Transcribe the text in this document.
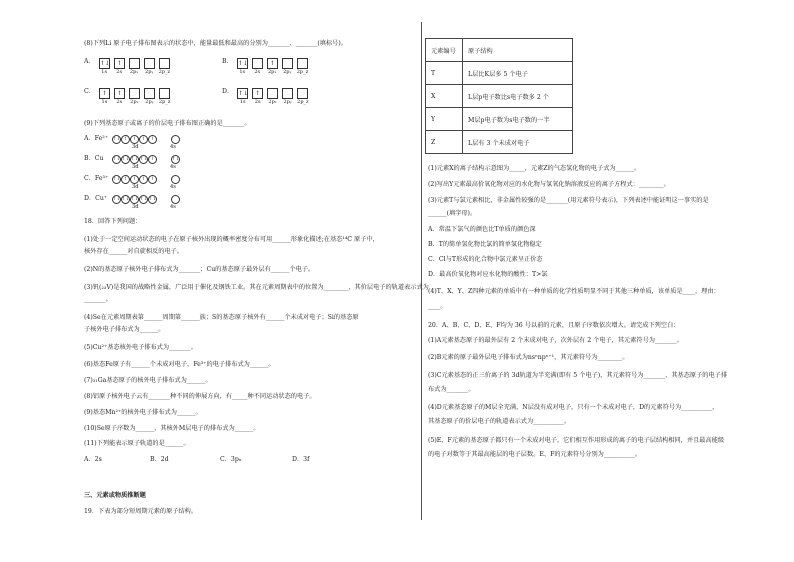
(8)下列Li 原子电子排布图表示的状态中，能量最低和最高的分别为_______、_______(填标号)。
A． ↑↓
1s
↑
2s	2pₓ 2pᵧ 2p_z
B． ↑↓
1s	2s
↑
2pₓ 2pᵧ 2p_z
C．	↑
1s
↑
2s	2pₓ 2pᵧ 2p_z
D． ↑↓
1s
↑
2s	2pₓ 2pᵧ 2p_z
(9)下列基态原子或离子的价层电子排布图正确的是_______。
A．Fe²⁺	↑↓ ↑	↑	↑	↑
3d	4s
B．Cu	↑↓ ↑↓ ↑↓ ↑↓ ↑	↑↓
3d	4s
C．Fe³⁺	↑↓ ↑	↑	↑	↑
3d	4s
D．Cu⁺	↑↓ ↑↓ ↑↓ ↑↓ ↑↓
3d	4s
18．回答下列问题：
(1)处于一定空间运动状态的电子在原子核外出现的概率密度分布可用______形象化描述;在基态¹⁴C 原子中，
核外存在______对自旋相反的电子。
(2)N的基态原子核外电子排布式为_______；Cu的基态原子最外层有______个电子。
(3)钒(₂₃V)是我国的战略性金属，广泛用于催化及钢铁工业。其在元素周期表中的位置为________，其价层电子的轨道表示式为
_______。
(4)Se在元素周期表第______周期第______族；S的基态原子核外有______个未成对电子；Si的基态原
子核外电子排布式为______。
(5)Cu²⁺基态核外电子排布式为_______。
(6)基态Fe原子有______个未成对电子，Fe³⁺的电子排布式为______。
(7)₃₁Ga基态原子的核外电子排布式为______。
(8)铝原子核外电子云有_______种不同的伸展方向，有_____种不同运动状态的电子。
(9)基态Mn²⁺的核外电子排布式为______。
(10)Se原子序数为______，其核外M层电子的排布式为______。
(11)下列能表示原子轨道的是______。
A．2s	B．2d	C．3pₓ	D．3f
三、元素或物质推断题
19．下表为部分短周期元素的原子结构。
元素编号	原子结构
T	L层比K层多 5 个电子
X	L层p电子数比s电子数多 2 个
Y	M层p电子数为s电子数的一半
Z	L层有 3 个未成对电子
(1)元素X的离子结构示意图为_____，元素Z的气态氢化物的电子式为______。
(2)写出Y元素最高价氧化物对应的水化物与氢氧化钠溶液反应的离子方程式：________。
(3)元素T与氯元素相比，非金属性较强的是_______(用元素符号表示)，下列表述中能证明这一事实的是
______(填字母)。
A．常温下氯气的颜色比T单质的颜色深
B．T的简单氢化物比氯的简单氢化物稳定
C．Cl与T形成的化合物中氯元素呈正价态
D．最高价氧化物对应水化物的酸性：T>氯
(4)T、X、Y、Z四种元素的单质中有一种单质的化学性质明显不同于其他三种单质，该单质是____，理由：
____。
20．A、B、C、D、E、F均为 36 号以前的元素，且原子序数依次增大。请完成下列空白：
(1)A元素基态原子的最外层有 2 个未成对电子，次外层有 2 个电子，其元素符号为_______。
(2)B元素的原子最外层电子排布式为nsⁿnpⁿ⁺¹，其元素符号为________。
(3)C元素基态的正三价离子的 3d轨道为半充满(即有 5 个电子)，其元素符号为_______，其基态原子的电子排
布式为_______。
(4)D元素基态原子的M层全充满，N层没有成对电子，只有一个未成对电子，D的元素符号为__________，
其基态原子的价层电子的轨道表示式为__________。
(5)E、F元素的基态原子都只有一个未成对电子，它们相互作用形成的离子的电子层结构相同，并且最高能级
的电子对数等于其最高能层的电子层数。E、F的元素符号分别为__________。
